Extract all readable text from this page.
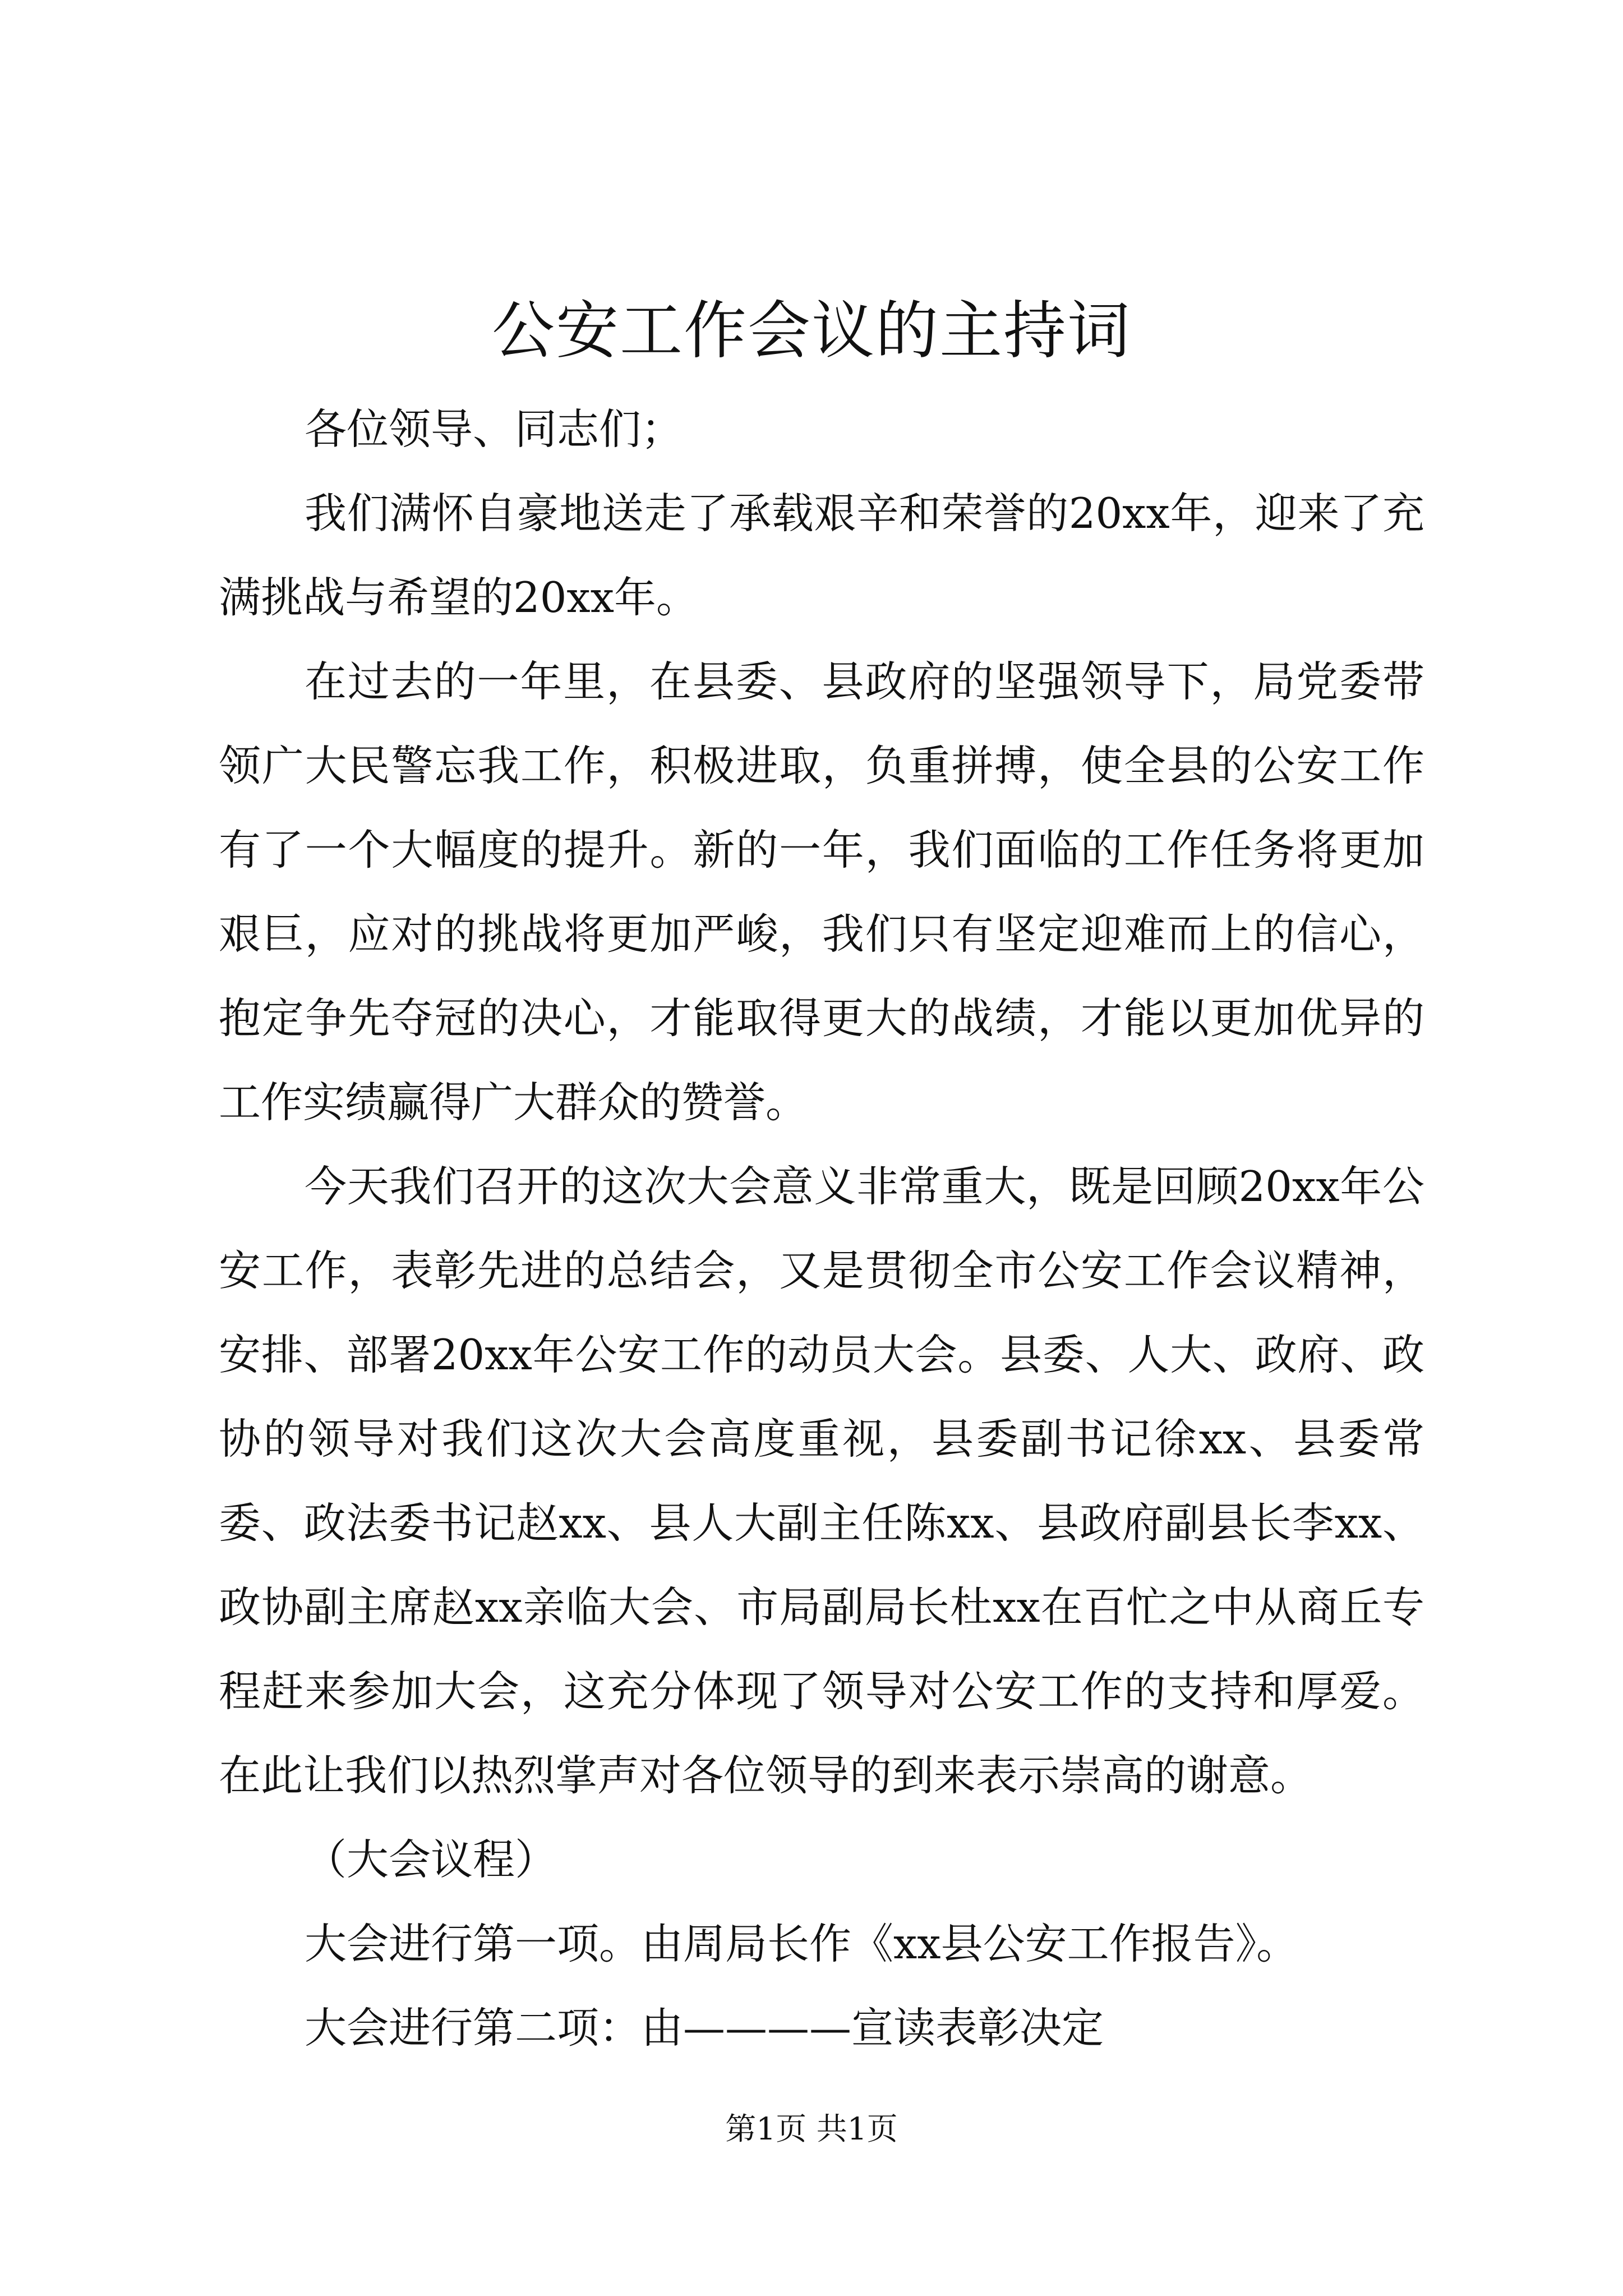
公安工作会议的主持词

各位领导、同志们；

我们满怀自豪地送走了承载艰辛和荣誉的20xx年，迎来了充满挑战与希望的20xx年。

在过去的一年里，在县委、县政府的坚强领导下，局党委带领广大民警忘我工作，积极进取，负重拼搏，使全县的公安工作有了一个大幅度的提升。新的一年，我们面临的工作任务将更加艰巨，应对的挑战将更加严峻，我们只有坚定迎难而上的信心，抱定争先夺冠的决心，才能取得更大的战绩，才能以更加优异的工作实绩赢得广大群众的赞誉。

今天我们召开的这次大会意义非常重大，既是回顾20xx年公安工作，表彰先进的总结会，又是贯彻全市公安工作会议精神，安排、部署20xx年公安工作的动员大会。县委、人大、政府、政协的领导对我们这次大会高度重视，县委副书记徐xx、县委常委、政法委书记赵xx、县人大副主任陈xx、县政府副县长李xx、政协副主席赵xx亲临大会、市局副局长杜xx在百忙之中从商丘专程赶来参加大会，这充分体现了领导对公安工作的支持和厚爱。在此让我们以热烈掌声对各位领导的到来表示崇高的谢意。

（大会议程）

大会进行第一项。由周局长作《xx县公安工作报告》。

大会进行第二项：由————宣读表彰决定

第1页 共1页
